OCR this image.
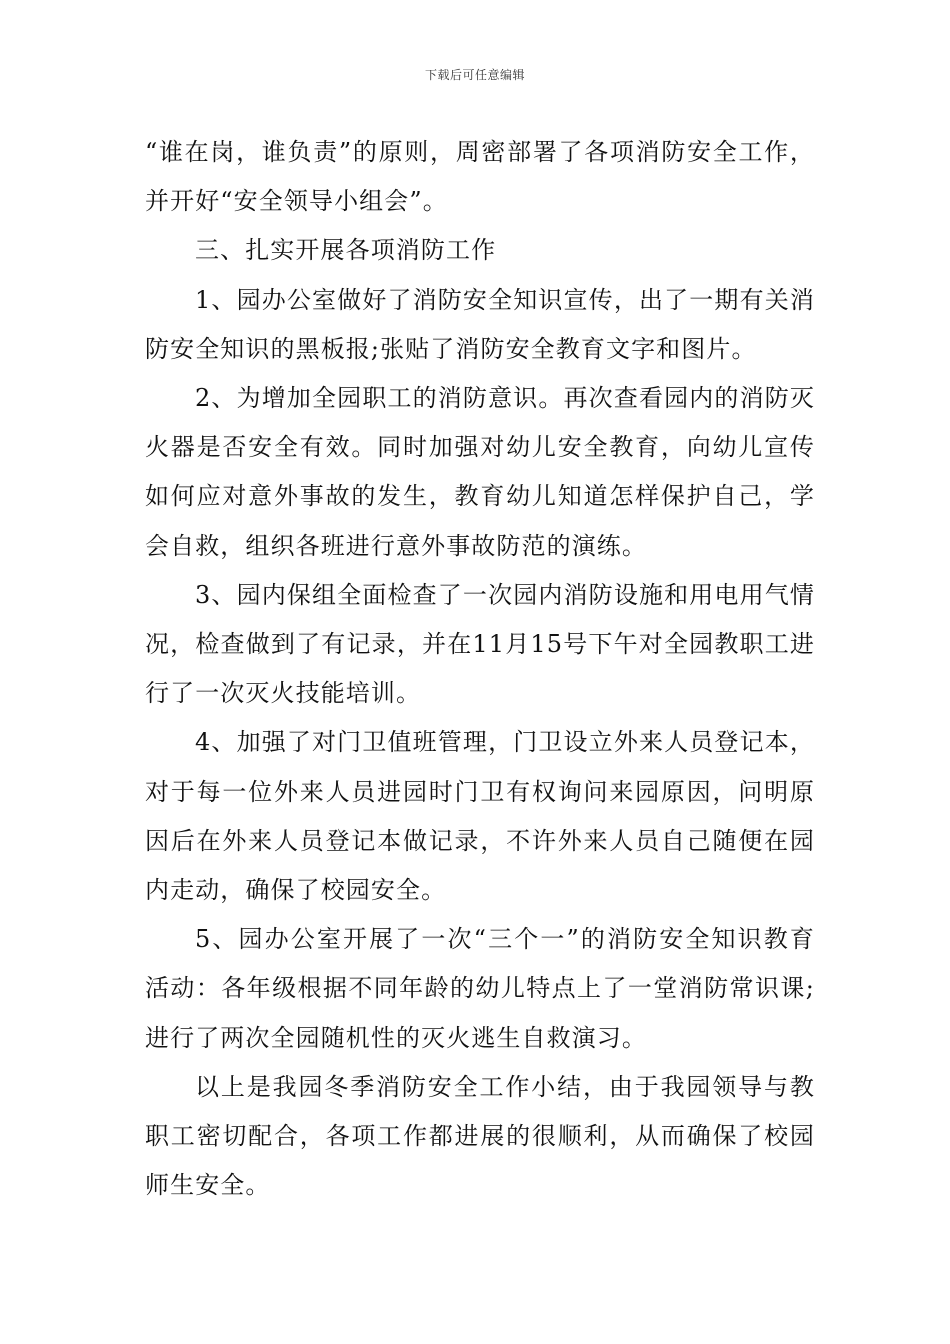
下载后可任意编辑

“谁在岗，谁负责”的原则，周密部署了各项消防安全工作，并开好“安全领导小组会”。

三、扎实开展各项消防工作

1、园办公室做好了消防安全知识宣传，出了一期有关消防安全知识的黑板报;张贴了消防安全教育文字和图片。

2、为增加全园职工的消防意识。再次查看园内的消防灭火器是否安全有效。同时加强对幼儿安全教育，向幼儿宣传如何应对意外事故的发生，教育幼儿知道怎样保护自己，学会自救，组织各班进行意外事故防范的演练。

3、园内保组全面检查了一次园内消防设施和用电用气情况，检查做到了有记录，并在11月15号下午对全园教职工进行了一次灭火技能培训。

4、加强了对门卫值班管理，门卫设立外来人员登记本，对于每一位外来人员进园时门卫有权询问来园原因，问明原因后在外来人员登记本做记录，不许外来人员自己随便在园内走动，确保了校园安全。

5、园办公室开展了一次“三个一”的消防安全知识教育活动：各年级根据不同年龄的幼儿特点上了一堂消防常识课;进行了两次全园随机性的灭火逃生自救演习。

以上是我园冬季消防安全工作小结，由于我园领导与教职工密切配合，各项工作都进展的很顺利，从而确保了校园师生安全。
